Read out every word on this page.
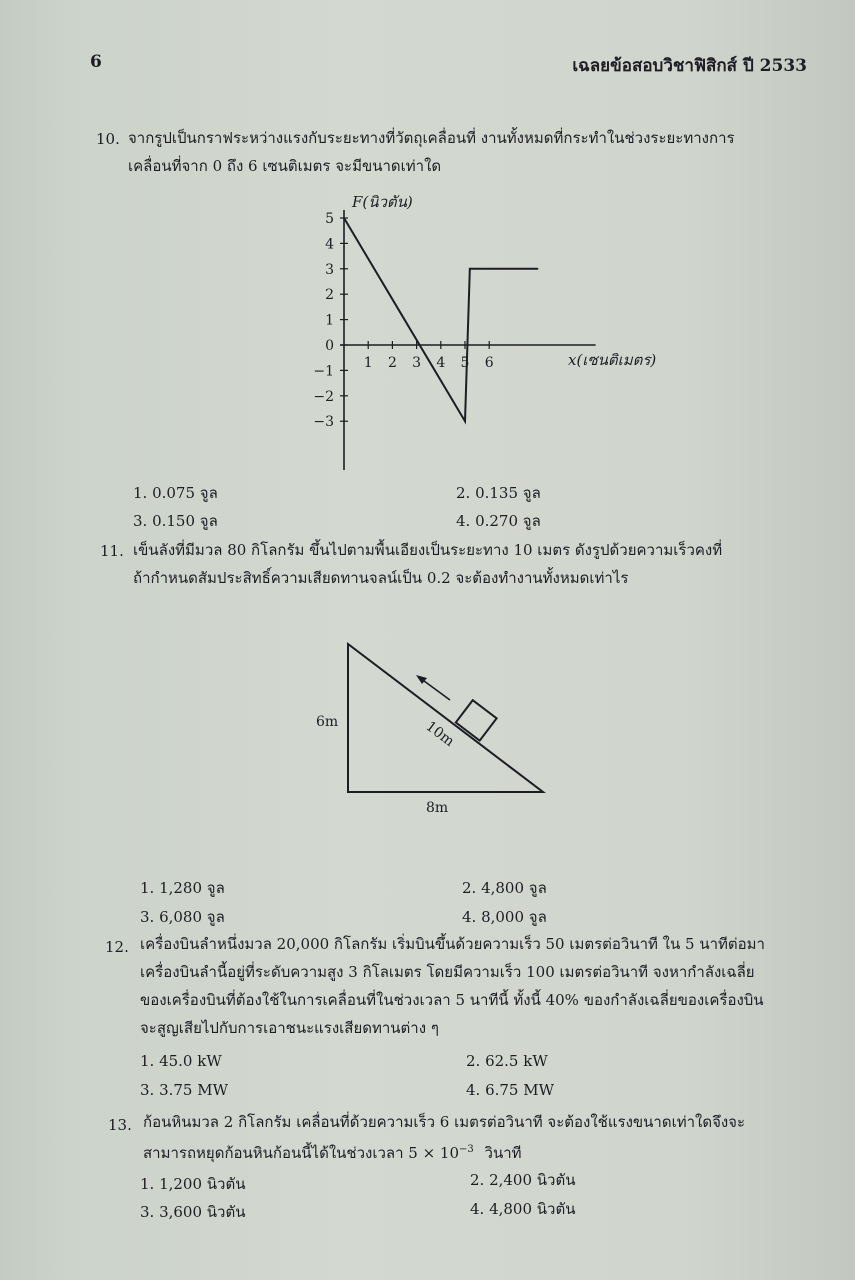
6	เฉลยข้อสอบวิชาฟิสิกส์ ปี 2533
10. จากรูปเป็นกราฟระหว่างแรงกับระยะทางที่วัตถุเคลื่อนที่ งานทั้งหมดที่กระทำในช่วงระยะทางการ
เคลื่อนที่จาก 0 ถึง 6 เซนติเมตร จะมีขนาดเท่าใด
1 2 3 4 5 6
5
4
3
2
1
0
−1
−2
−3
F(นิวตัน)
x(เซนติเมตร)
1. 0.075 จูล	2. 0.135 จูล
3. 0.150 จูล	4. 0.270 จูล
11. เข็นลังที่มีมวล 80 กิโลกรัม ขึ้นไปตามพื้นเอียงเป็นระยะทาง 10 เมตร ดังรูปด้วยความเร็วคงที่
ถ้ากำหนดสัมประสิทธิ์ความเสียดทานจลน์เป็น 0.2 จะต้องทำงานทั้งหมดเท่าไร
6m
8m
10m
1. 1,280 จูล	2. 4,800 จูล
3. 6,080 จูล	4. 8,000 จูล
12. เครื่องบินลำหนึ่งมวล 20,000 กิโลกรัม เริ่มบินขึ้นด้วยความเร็ว 50 เมตรต่อวินาที ใน 5 นาทีต่อมา
เครื่องบินลำนี้อยู่ที่ระดับความสูง 3 กิโลเมตร โดยมีความเร็ว 100 เมตรต่อวินาที จงหากำลังเฉลี่ย
ของเครื่องบินที่ต้องใช้ในการเคลื่อนที่ในช่วงเวลา 5 นาทีนี้ ทั้งนี้ 40% ของกำลังเฉลี่ยของเครื่องบิน
จะสูญเสียไปกับการเอาชนะแรงเสียดทานต่าง ๆ
1. 45.0 kW	2. 62.5 kW
3. 3.75 MW	4. 6.75 MW
13. ก้อนหินมวล 2 กิโลกรัม เคลื่อนที่ด้วยความเร็ว 6 เมตรต่อวินาที จะต้องใช้แรงขนาดเท่าใดจึงจะ
สามารถหยุดก้อนหินก้อนนี้ได้ในช่วงเวลา $5 \times 10^{-3}$ วินาที
1. 1,200 นิวตัน	2. 2,400 นิวตัน
3. 3,600 นิวตัน	4. 4,800 นิวตัน
